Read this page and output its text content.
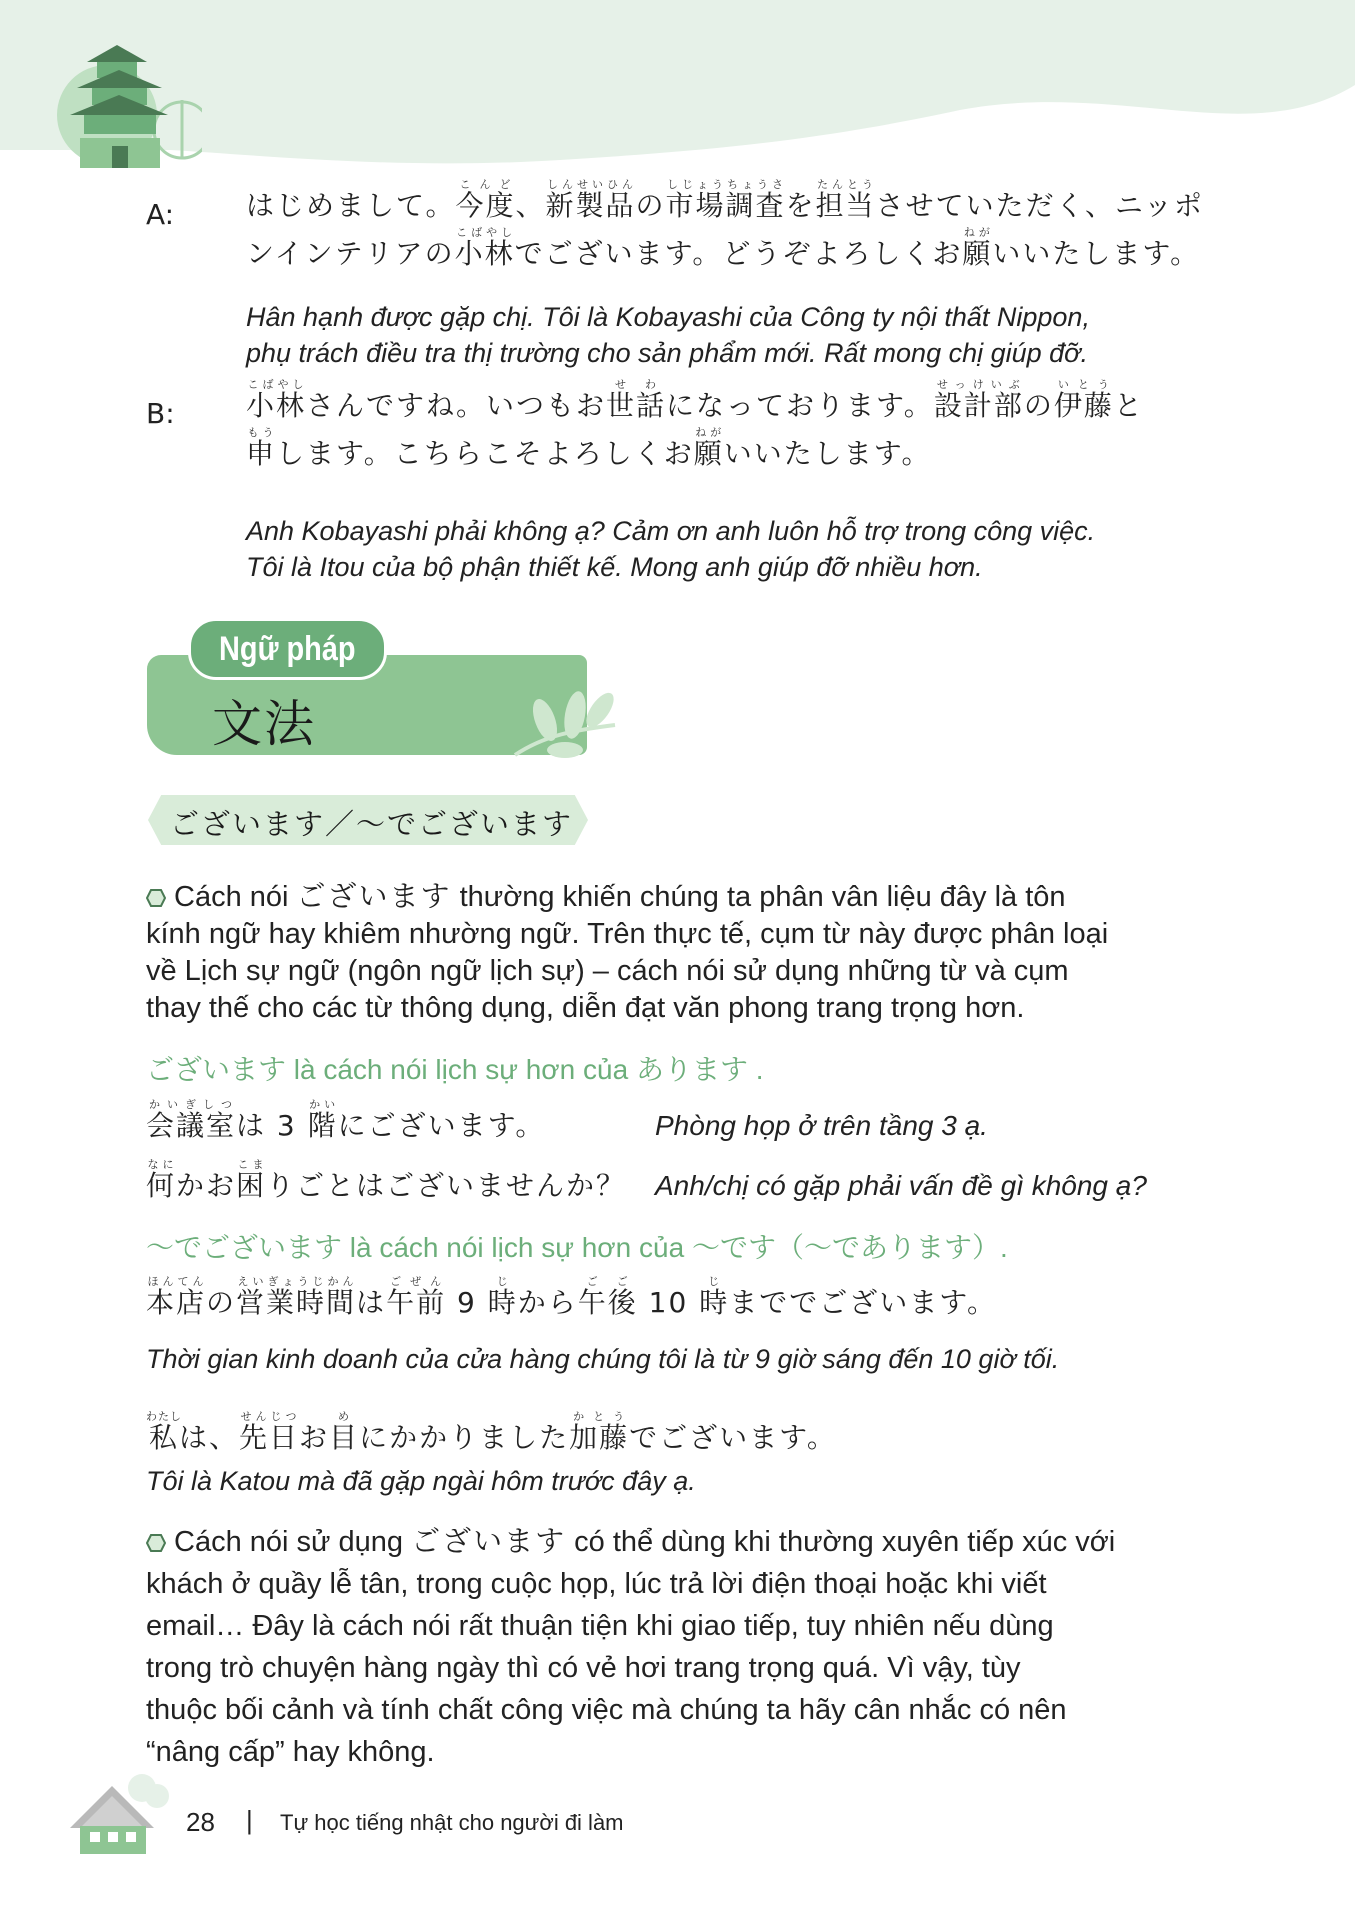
A:	はじめまして。今度こんど、新製品しんせいひんの市場調査しじょうちょうさを担当たんとうさせていただく、ニッポ
ンインテリアの小林こばやしでございます。どうぞよろしくお願ねがいいたします。
Hân hạnh được gặp chị. Tôi là Kobayashi của Công ty nội thất Nippon,
phụ trách điều tra thị trường cho sản phẩm mới. Rất mong chị giúp đỡ.
B:	小林こばやしさんですね。いつもお世話せわになっております。設計部せっけいぶの伊藤いとうと
申もうします。こちらこそよろしくお願ねがいいたします。
Anh Kobayashi phải không ạ? Cảm ơn anh luôn hỗ trợ trong công việc.
Tôi là Itou của bộ phận thiết kế. Mong anh giúp đỡ nhiều hơn.
Ngữ pháp
文法
ございます／～でございます
Cách nói ございます thường khiến chúng ta phân vân liệu đây là tôn
kính ngữ hay khiêm nhường ngữ. Trên thực tế, cụm từ này được phân loại
về Lịch sự ngữ (ngôn ngữ lịch sự) – cách nói sử dụng những từ và cụm
thay thế cho các từ thông dụng, diễn đạt văn phong trang trọng hơn.
ございます là cách nói lịch sự hơn của あります .
会議室かいぎしつは 3 階かいにございます。	Phòng họp ở trên tầng 3 ạ.
何なにかお困こまりごとはございませんか？ Anh/chị có gặp phải vấn đề gì không ạ?
～でございます là cách nói lịch sự hơn của ～です（～であります）.
本店ほんてんの営業時間えいぎょうじかんは午前ごぜん 9 時じから午後ごご 10 時じまででございます。
Thời gian kinh doanh của cửa hàng chúng tôi là từ 9 giờ sáng đến 10 giờ tối.
私わたしは、先日せんじつお目めにかかりました加藤かとうでございます。
Tôi là Katou mà đã gặp ngài hôm trước đây ạ.
Cách nói sử dụng ございます có thể dùng khi thường xuyên tiếp xúc với
khách ở quầy lễ tân, trong cuộc họp, lúc trả lời điện thoại hoặc khi viết
email… Đây là cách nói rất thuận tiện khi giao tiếp, tuy nhiên nếu dùng
trong trò chuyện hàng ngày thì có vẻ hơi trang trọng quá. Vì vậy, tùy
thuộc bối cảnh và tính chất công việc mà chúng ta hãy cân nhắc có nên
“nâng cấp” hay không.
28 | Tự học tiếng nhật cho người đi làm
